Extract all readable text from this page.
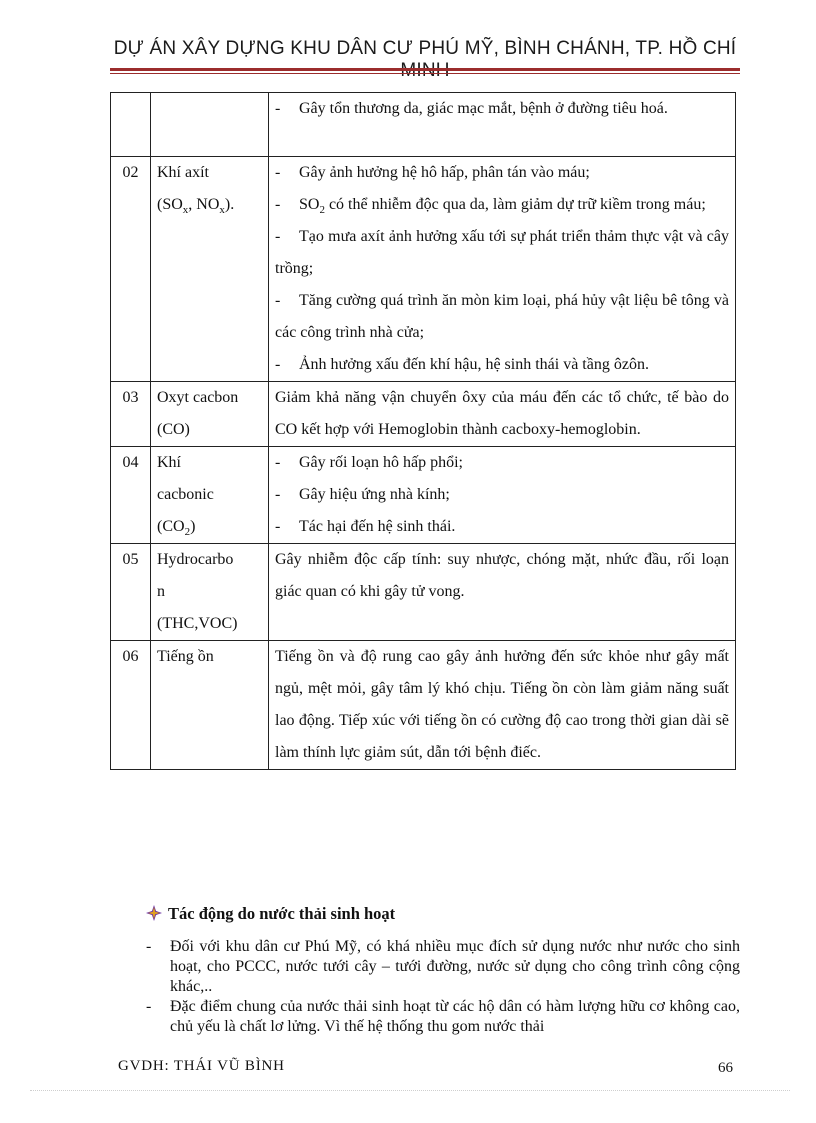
DỰ ÁN XÂY DỰNG KHU DÂN CƯ PHÚ MỸ, BÌNH CHÁNH, TP. HỒ CHÍ
		- Gây tổn thương da, giác mạc mắt, bệnh ở đường tiêu hoá.
02	Khí axít
($SO_x$, $NO_x$).	- Gây ảnh hưởng hệ hô hấp, phân tán vào máu;
- $SO_2$ có thể nhiễm độc qua da, làm giảm dự trữ kiềm trong máu;
- Tạo mưa axít ảnh hưởng xấu tới sự phát triển thảm thực vật và cây trồng;
- Tăng cường quá trình ăn mòn kim loại, phá hủy vật liệu bê tông và các công trình nhà cửa;
- Ảnh hưởng xấu đến khí hậu, hệ sinh thái và tầng ôzôn.

03	Oxyt cacbon
(CO)	Giảm khả năng vận chuyển ôxy của máu đến các tổ chức, tế bào do CO kết hợp với Hemoglobin thành cacboxy-hemoglobin.
04	Khí
cacbonic
$(CO_2)$	- Gây rối loạn hô hấp phổi;
- Gây hiệu ứng nhà kính;
- Tác hại đến hệ sinh thái.

05	Hydrocarbo
n
(THC,VOC)	Gây nhiễm độc cấp tính: suy nhược, chóng mặt, nhức đầu, rối loạn giác quan có khi gây tử vong.
06	Tiếng ồn	Tiếng ồn và độ rung cao gây ảnh hưởng đến sức khỏe như gây mất ngủ, mệt mỏi, gây tâm lý khó chịu. Tiếng ồn còn làm giảm năng suất lao động. Tiếp xúc với tiếng ồn có cường độ cao trong thời gian dài sẽ làm thính lực giảm sút, dẫn tới bệnh điếc.
Tác động do nước thải sinh hoạt
- Đối với khu dân cư Phú Mỹ, có khá nhiều mục đích sử dụng nước như nước cho sinh hoạt, cho PCCC, nước tưới cây – tưới đường, nước sử dụng cho công trình công cộng khác,..
- Đặc điểm chung của nước thải sinh hoạt từ các hộ dân có hàm lượng hữu cơ không cao, chủ yếu là chất lơ lửng. Vì thế hệ thống thu gom nước thải
GVDH: THÁI VŨ BÌNH	66
